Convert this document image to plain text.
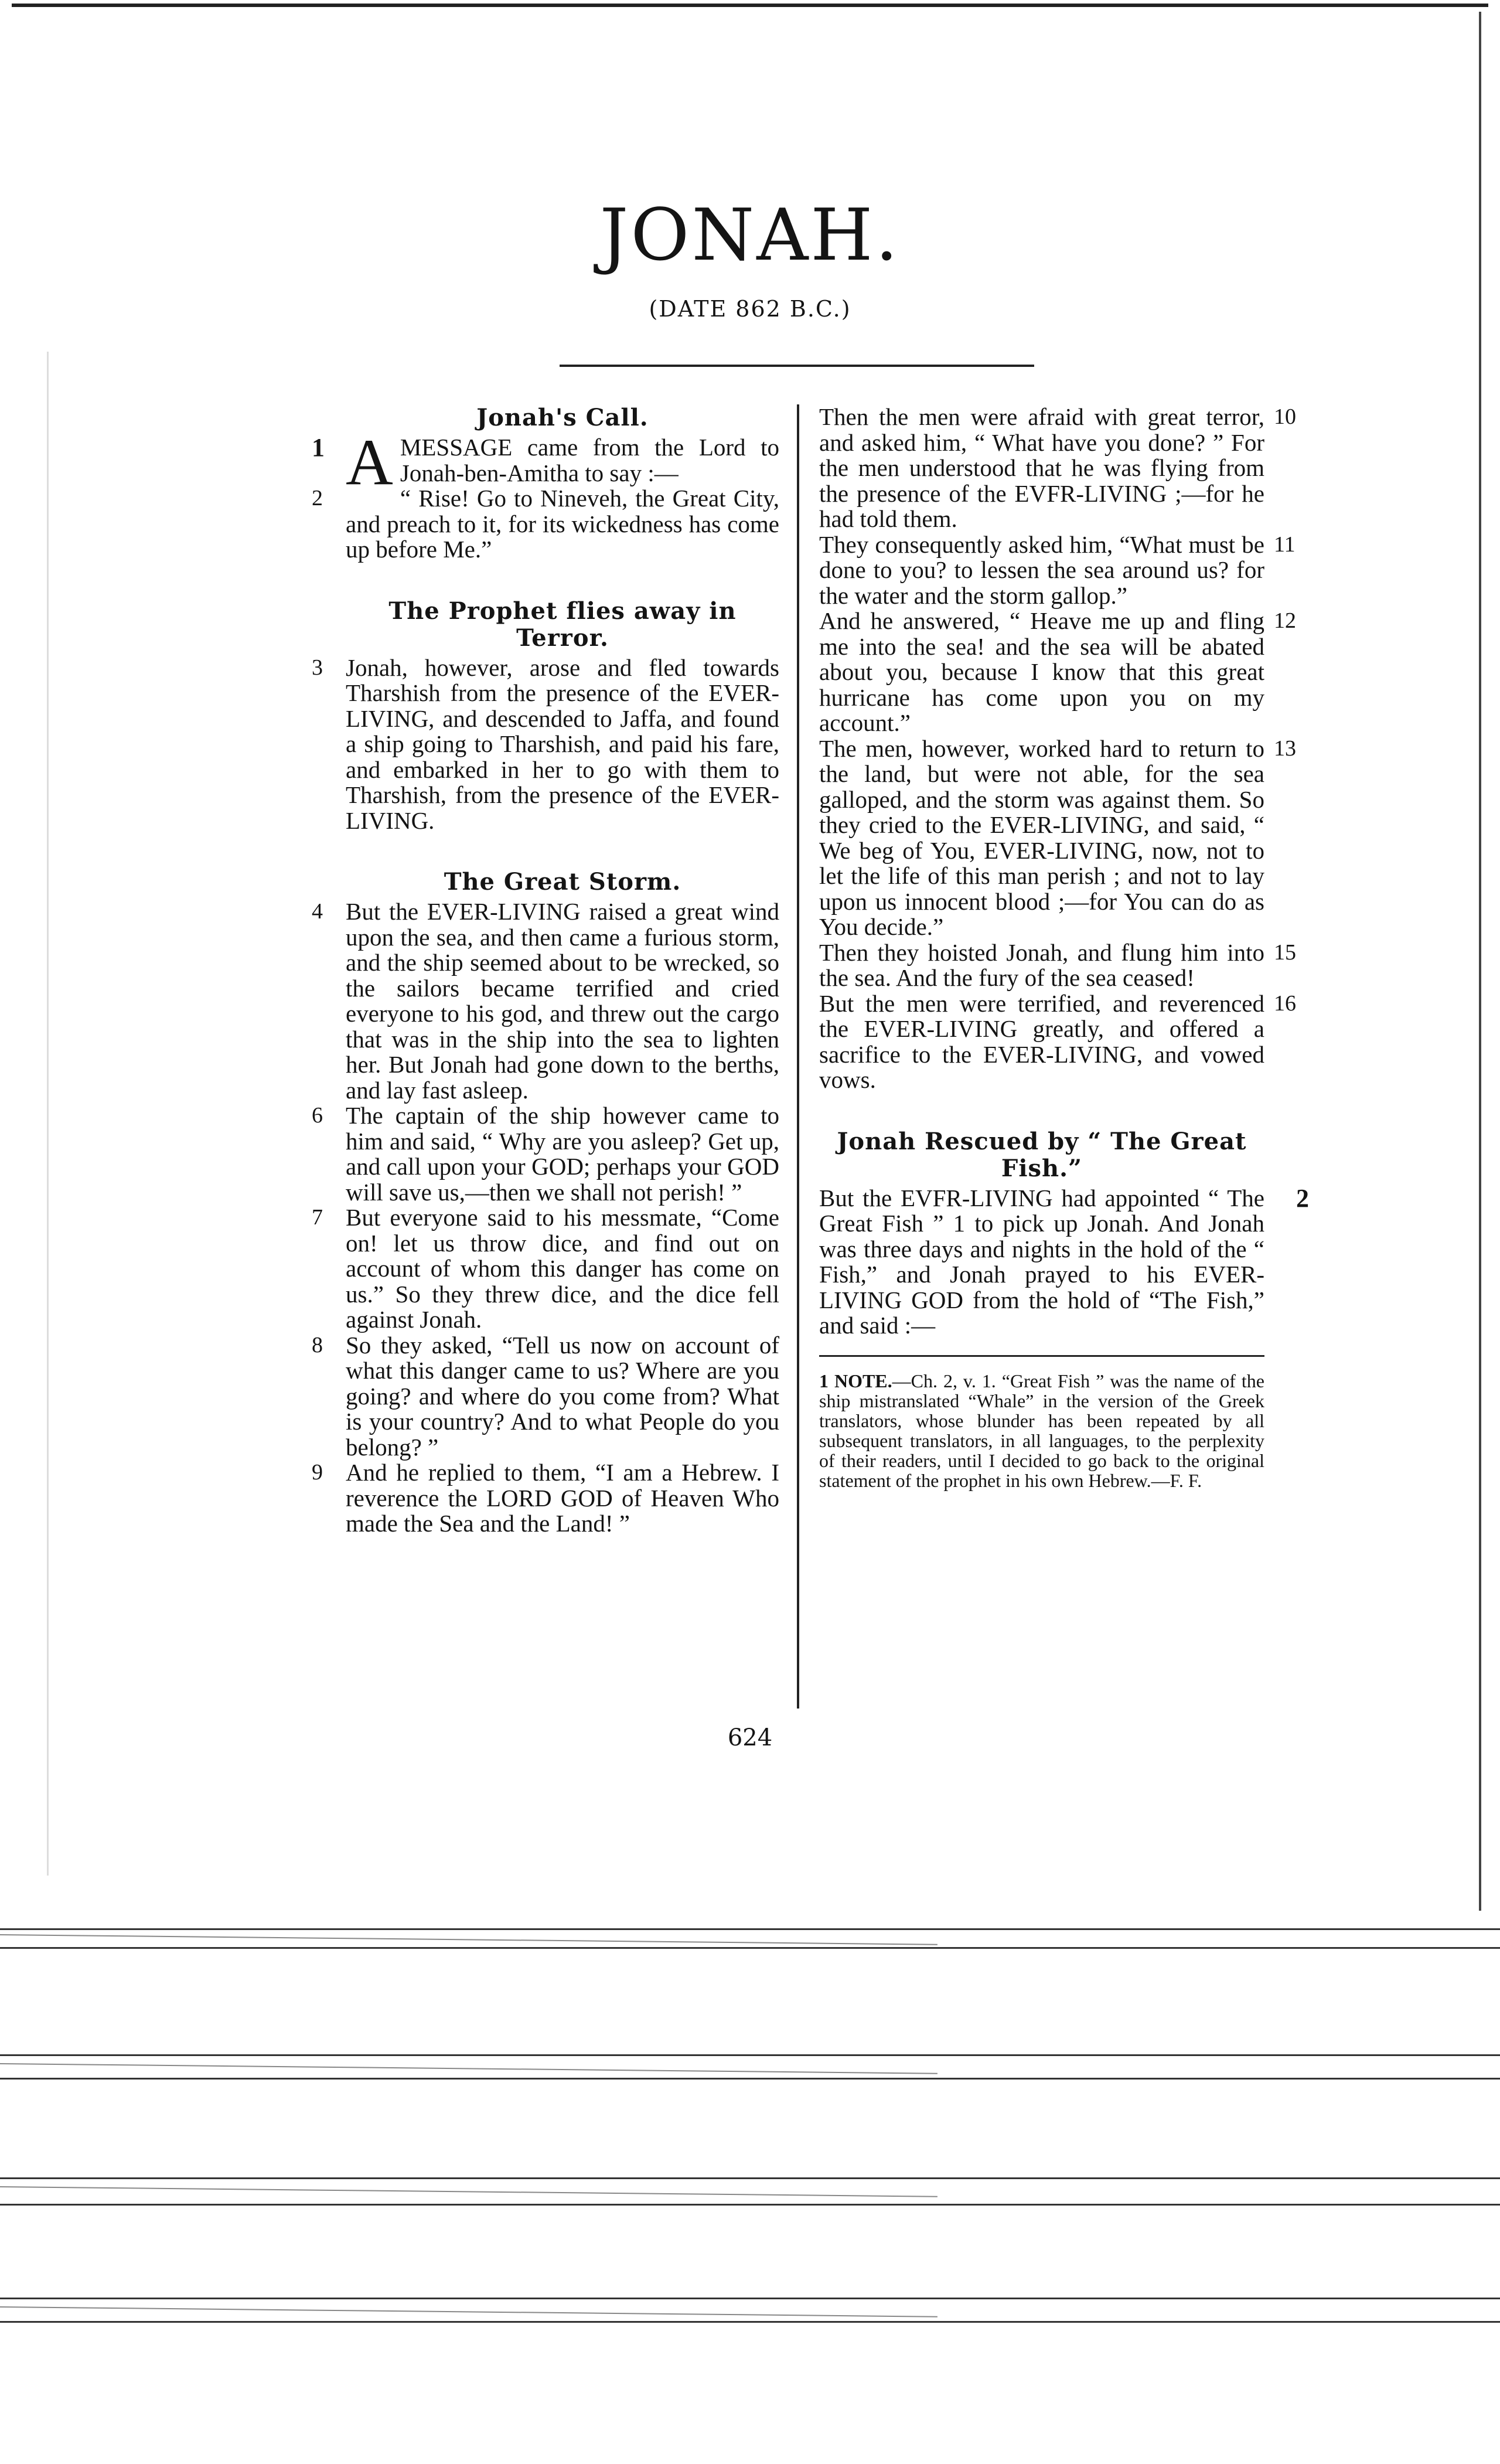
JONAH.
(DATE 862 B.C.)
Jonah's Call.

1 A MESSAGE came from the Lord to Jonah-ben-Amitha to say :—

2	“ Rise! Go to Nineveh, the Great City, and preach to it, for its wickedness has come up before Me.”

The Prophet flies away in Terror.

3 Jonah, however, arose and fled towards Tharshish from the presence of the EVER-LIVING, and descended to Jaffa, and found a ship going to Tharshish, and paid his fare, and embarked in her to go with them to Tharshish, from the presence of the EVER-LIVING.

The Great Storm.

4 But the EVER-LIVING raised a great wind upon the sea, and then came a furious storm, and the ship seemed about to be wrecked, so the sailors became terrified and cried everyone to his god, and threw out the cargo that was in the ship into the sea to lighten her. But Jonah had gone down to the berths, and lay fast asleep.

6 The captain of the ship however came to him and said, “ Why are you asleep? Get up, and call upon your GOD; perhaps your GOD will save us,—then we shall not perish! ”

7 But everyone said to his messmate, “Come on! let us throw dice, and find out on account of whom this danger has come on us.” So they threw dice, and the dice fell against Jonah.

8 So they asked, “Tell us now on account of what this danger came to us? Where are you going? and where do you come from? What is your country? And to what People do you belong? ”

9 And he replied to them, “I am a Hebrew. I reverence the LORD GOD of Heaven Who made the Sea and the Land! ”

10
Then the men were afraid with great terror, and asked him, “ What have you done? ” For the men understood that he was flying from the presence of the EVFR-LIVING ;—for he had told them.

11
They consequently asked him, “What must be done to you? to lessen the sea around us? for the water and the storm gallop.”

12
And he answered, “ Heave me up and fling me into the sea! and the sea will be abated about you, because I know that this great hurricane has come upon you on my account.”

13
The men, however, worked hard to return to the land, but were not able, for the sea galloped, and the storm was against them. So they cried to the EVER-LIVING, and said, “ We beg of You, EVER-LIVING, now, not to let the life of this man perish ; and not to lay upon us innocent blood ;—for You can do as You decide.”

15
Then they hoisted Jonah, and flung him into the sea. And the fury of the sea ceased!

16
But the men were terrified, and reverenced the EVER-LIVING greatly, and offered a sacrifice to the EVER-LIVING, and vowed vows.

Jonah Rescued by “ The Great Fish.”

2
But the EVFR-LIVING had appointed “ The Great Fish ” 1 to pick up Jonah. And Jonah was three days and nights in the hold of the “ Fish,” and Jonah prayed to his EVER-LIVING GOD from the hold of “The Fish,” and said :—

1 NOTE.—Ch. 2, v. 1. “Great Fish ” was the name of the ship mistranslated “Whale” in the version of the Greek translators, whose blunder has been repeated by all subsequent translators, in all languages, to the perplexity of their readers, until I decided to go back to the original statement of the prophet in his own Hebrew.—F. F.

624
